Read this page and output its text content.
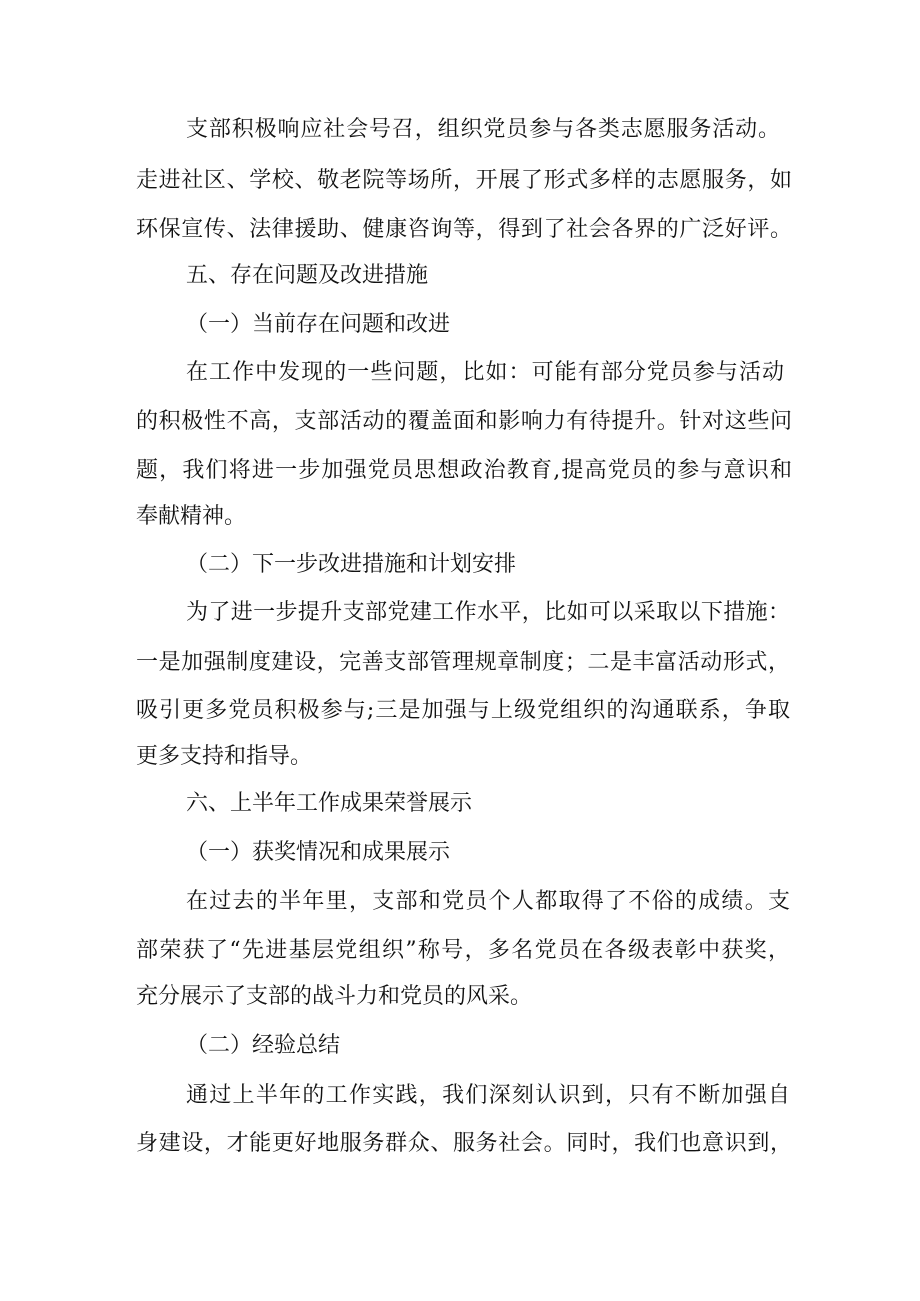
支部积极响应社会号召，组织党员参与各类志愿服务活动。
走进社区、学校、敬老院等场所，开展了形式多样的志愿服务，如
环保宣传、法律援助、健康咨询等，得到了社会各界的广泛好评。
五、存在问题及改进措施
（一）当前存在问题和改进
在工作中发现的一些问题，比如：可能有部分党员参与活动
的积极性不高，支部活动的覆盖面和影响力有待提升。针对这些问
题，我们将进一步加强党员思想政治教育,提高党员的参与意识和
奉献精神。
（二）下一步改进措施和计划安排
为了进一步提升支部党建工作水平，比如可以采取以下措施：
一是加强制度建设，完善支部管理规章制度；二是丰富活动形式，
吸引更多党员积极参与;三是加强与上级党组织的沟通联系，争取
更多支持和指导。
六、上半年工作成果荣誉展示
（一）获奖情况和成果展示
在过去的半年里，支部和党员个人都取得了不俗的成绩。支
部荣获了“先进基层党组织”称号，多名党员在各级表彰中获奖，
充分展示了支部的战斗力和党员的风采。
（二）经验总结
通过上半年的工作实践，我们深刻认识到，只有不断加强自
身建设，才能更好地服务群众、服务社会。同时，我们也意识到，
